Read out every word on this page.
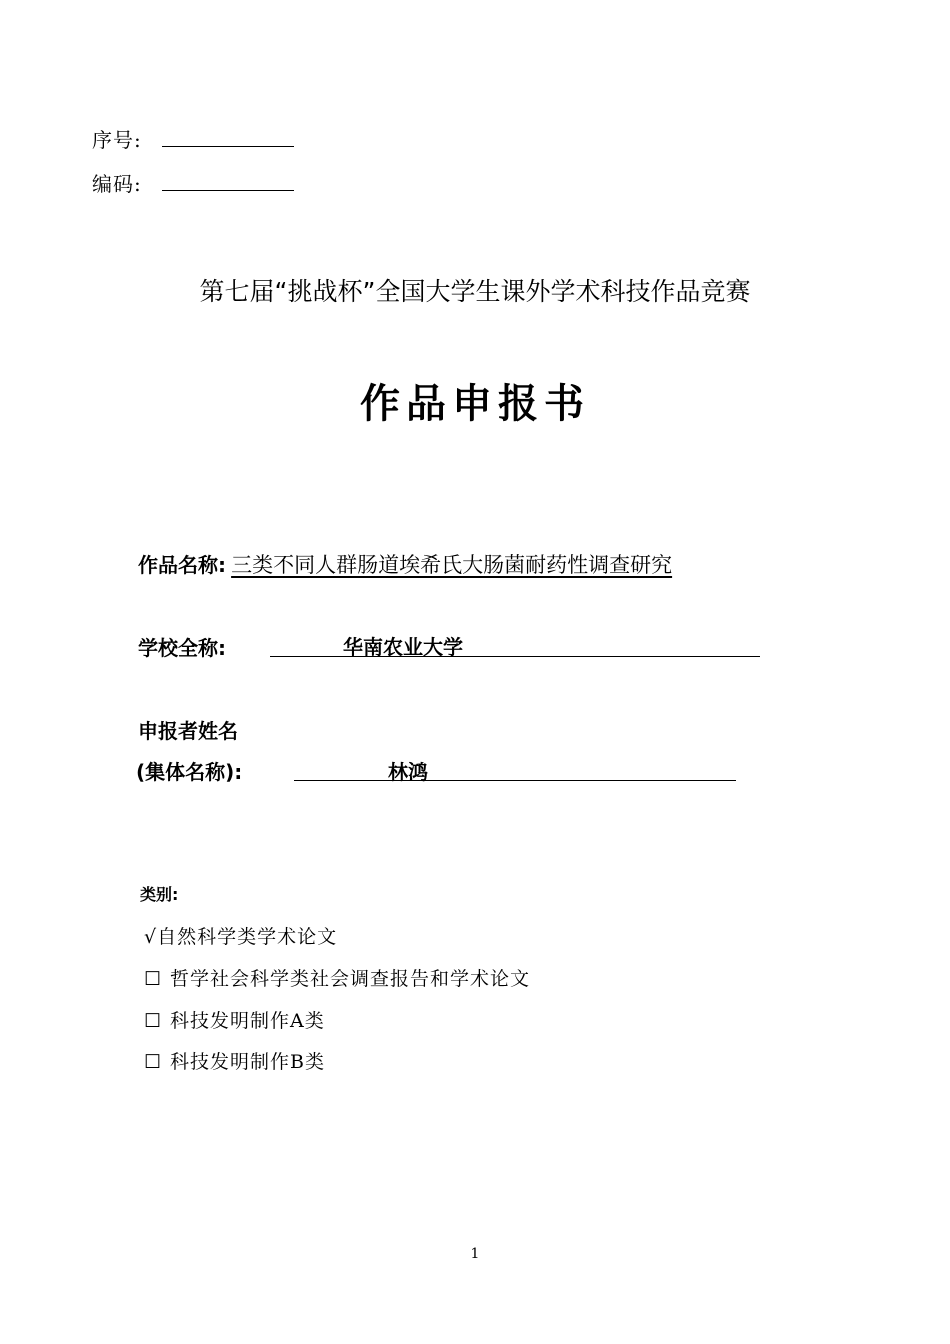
序号:
编码:
第七届“挑战杯”全国大学生课外学术科技作品竞赛
作品申报书
作品名称: 三类不同人群肠道埃希氏大肠菌耐药性调查研究
学校全称:	华南农业大学
申报者姓名
(集体名称):	林鸿
类别:
√自然科学类学术论文
☐ 哲学社会科学类社会调查报告和学术论文
☐ 科技发明制作A类
☐ 科技发明制作B类
1
